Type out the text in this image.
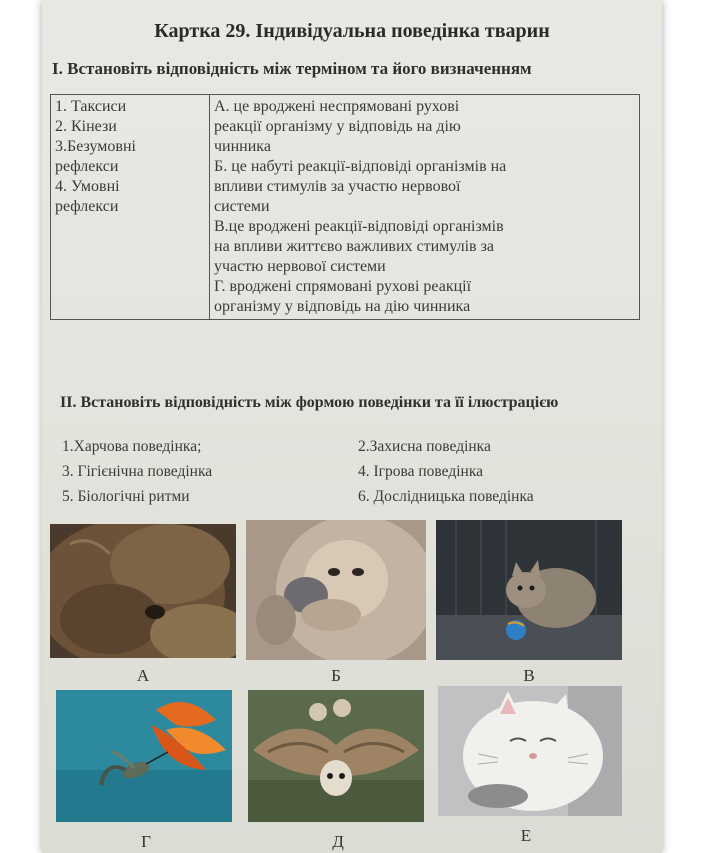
Картка 29. Індивідуальна поведінка тварин
І. Встановіть відповідність між терміном та його визначенням
1. Таксиси
2. Кінези
3.Безумовні
рефлекси
4. Умовні
рефлекси

А. це вроджені неспрямовані рухові
реакції організму у відповідь на дію
чинника
Б. це набуті реакції-відповіді організмів на
впливи стимулів за участю нервової
системи
В.це вроджені реакції-відповіді організмів
на впливи життєво важливих стимулів за
участю нервової системи
Г. вроджені спрямовані рухові реакції
організму у відповідь на дію чинника
ІІ. Встановіть відповідність між формою поведінки та її ілюстрацією
1.Харчова поведінка;	2.Захисна поведінка
3. Гігієнічна поведінка	4. Ігрова поведінка
5. Біологічні ритми	6. Дослідницька поведінка
А	Б	В
Г	Д	Е
